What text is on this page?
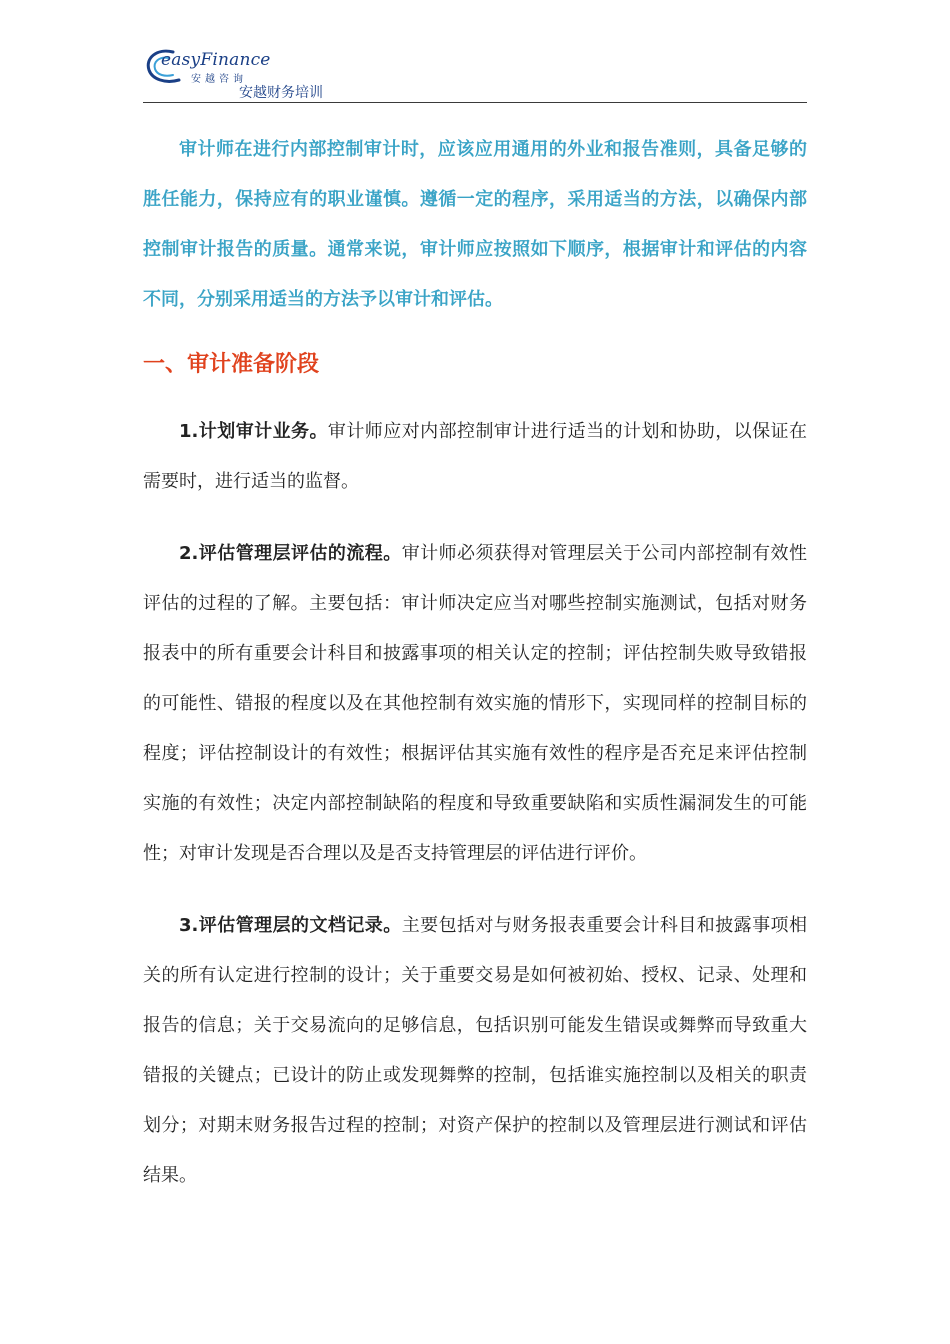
easyFinance
安越咨询
安越财务培训

审计师在进行内部控制审计时，应该应用通用的外业和报告准则，具备足够的胜任能力，保持应有的职业谨慎。遵循一定的程序，采用适当的方法，以确保内部控制审计报告的质量。通常来说，审计师应按照如下顺序，根据审计和评估的内容不同，分别采用适当的方法予以审计和评估。

一、审计准备阶段

1.计划审计业务。审计师应对内部控制审计进行适当的计划和协助，以保证在需要时，进行适当的监督。

2.评估管理层评估的流程。审计师必须获得对管理层关于公司内部控制有效性评估的过程的了解。主要包括：审计师决定应当对哪些控制实施测试，包括对财务报表中的所有重要会计科目和披露事项的相关认定的控制；评估控制失败导致错报的可能性、错报的程度以及在其他控制有效实施的情形下，实现同样的控制目标的程度；评估控制设计的有效性；根据评估其实施有效性的程序是否充足来评估控制实施的有效性；决定内部控制缺陷的程度和导致重要缺陷和实质性漏洞发生的可能性；对审计发现是否合理以及是否支持管理层的评估进行评价。

3.评估管理层的文档记录。主要包括对与财务报表重要会计科目和披露事项相关的所有认定进行控制的设计；关于重要交易是如何被初始、授权、记录、处理和报告的信息；关于交易流向的足够信息，包括识别可能发生错误或舞弊而导致重大错报的关键点；已设计的防止或发现舞弊的控制，包括谁实施控制以及相关的职责划分；对期末财务报告过程的控制；对资产保护的控制以及管理层进行测试和评估结果。
